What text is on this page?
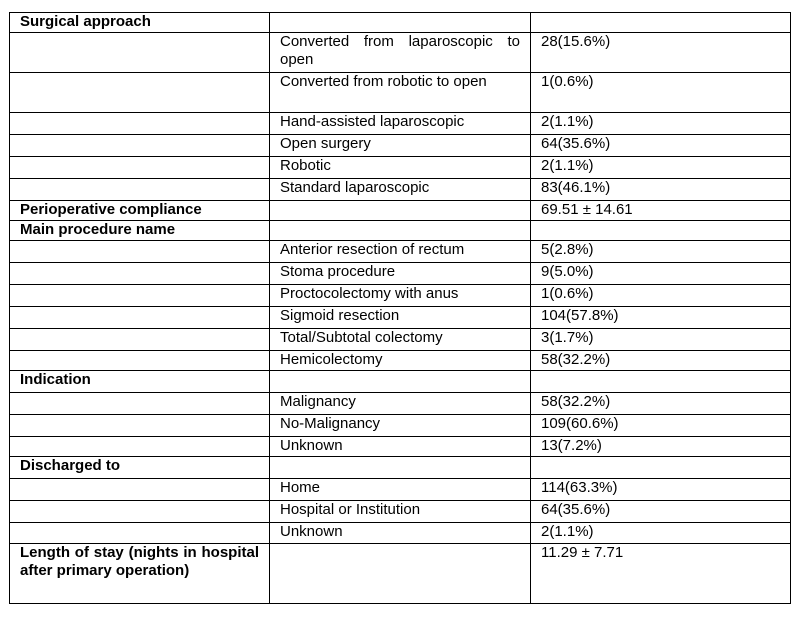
Surgical approach		
	Converted from laparoscopic to open	28(15.6%)
	Converted from robotic to open	1(0.6%)
	Hand-assisted laparoscopic	2(1.1%)
	Open surgery	64(35.6%)
	Robotic	2(1.1%)
	Standard laparoscopic	83(46.1%)
Perioperative compliance		69.51 ± 14.61
Main procedure name		
	Anterior resection of rectum	5(2.8%)
	Stoma procedure	9(5.0%)
	Proctocolectomy with anus	1(0.6%)
	Sigmoid resection	104(57.8%)
	Total/Subtotal colectomy	3(1.7%)
	Hemicolectomy	58(32.2%)
Indication		
	Malignancy	58(32.2%)
	No-Malignancy	109(60.6%)
	Unknown	13(7.2%)
Discharged to		
	Home	114(63.3%)
	Hospital or Institution	64(35.6%)
	Unknown	2(1.1%)
Length of stay (nights in hospital after primary operation)		11.29 ± 7.71
